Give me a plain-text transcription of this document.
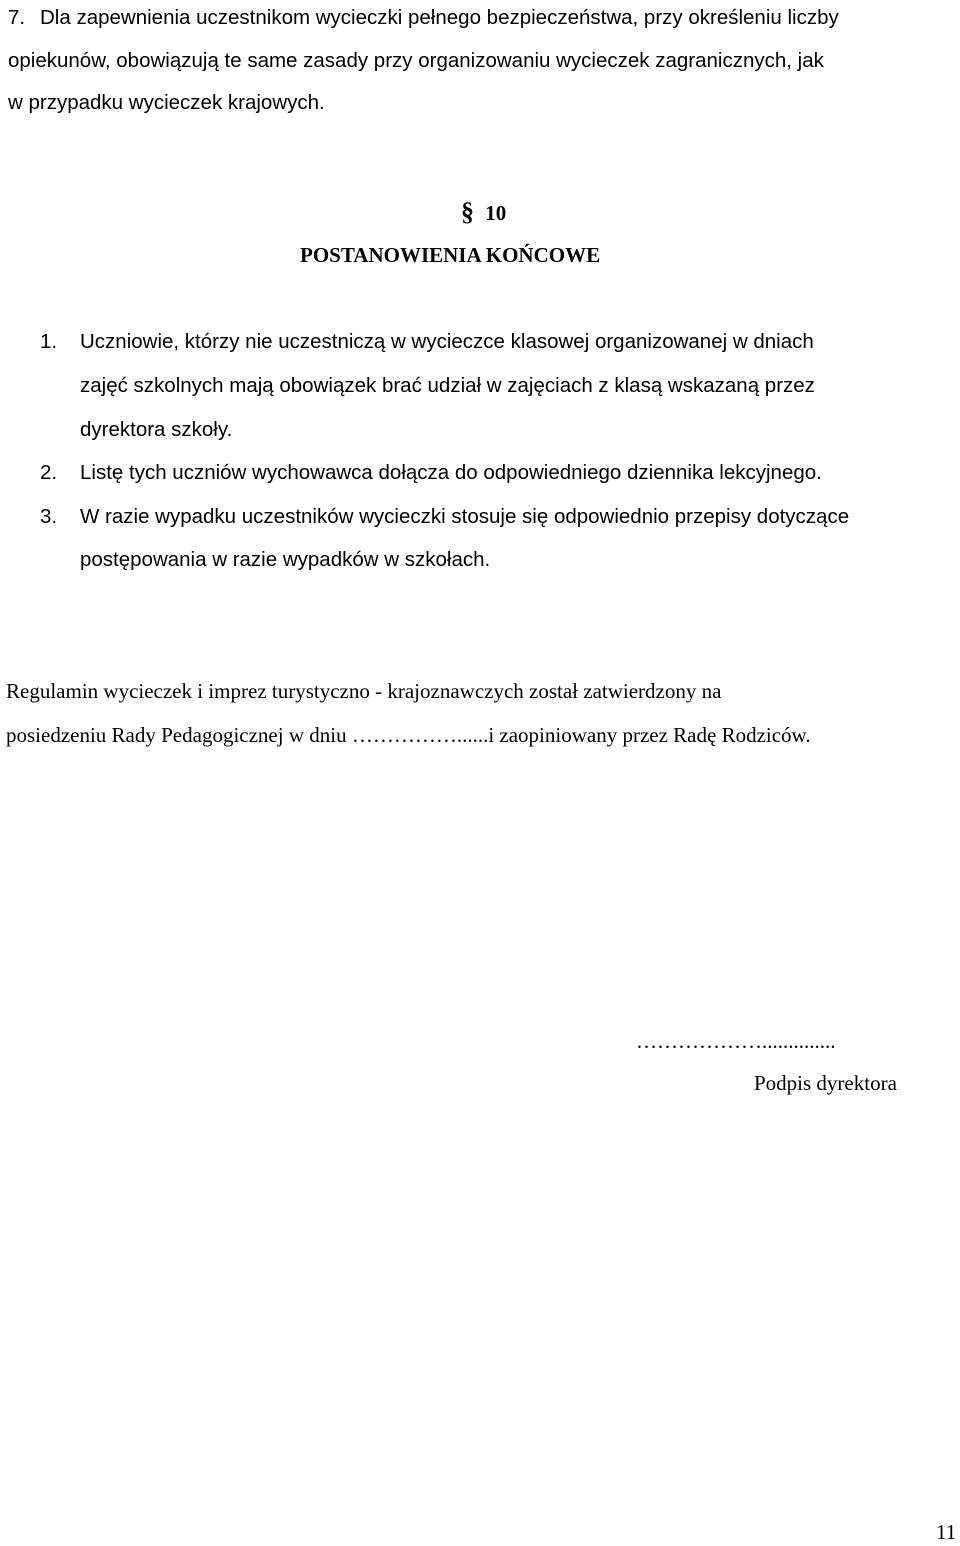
7. Dla zapewnienia uczestnikom wycieczki pełnego bezpieczeństwa, przy określeniu liczby
opiekunów, obowiązują te same zasady przy organizowaniu wycieczek zagranicznych, jak
w przypadku wycieczek krajowych.
§ 10
POSTANOWIENIA KOŃCOWE
1. Uczniowie, którzy nie uczestniczą w wycieczce klasowej organizowanej w dniach
zajęć szkolnych mają obowiązek brać udział w zajęciach z klasą wskazaną przez
dyrektora szkoły.
2. Listę tych uczniów wychowawca dołącza do odpowiedniego dziennika lekcyjnego.
3. W razie wypadku uczestników wycieczki stosuje się odpowiednio przepisy dotyczące
postępowania w razie wypadków w szkołach.
Regulamin wycieczek i imprez turystyczno - krajoznawczych został zatwierdzony na
posiedzeniu Rady Pedagogicznej w dniu ……………......i zaopiniowany przez Radę Rodziców.
………………..............
Podpis dyrektora
11
